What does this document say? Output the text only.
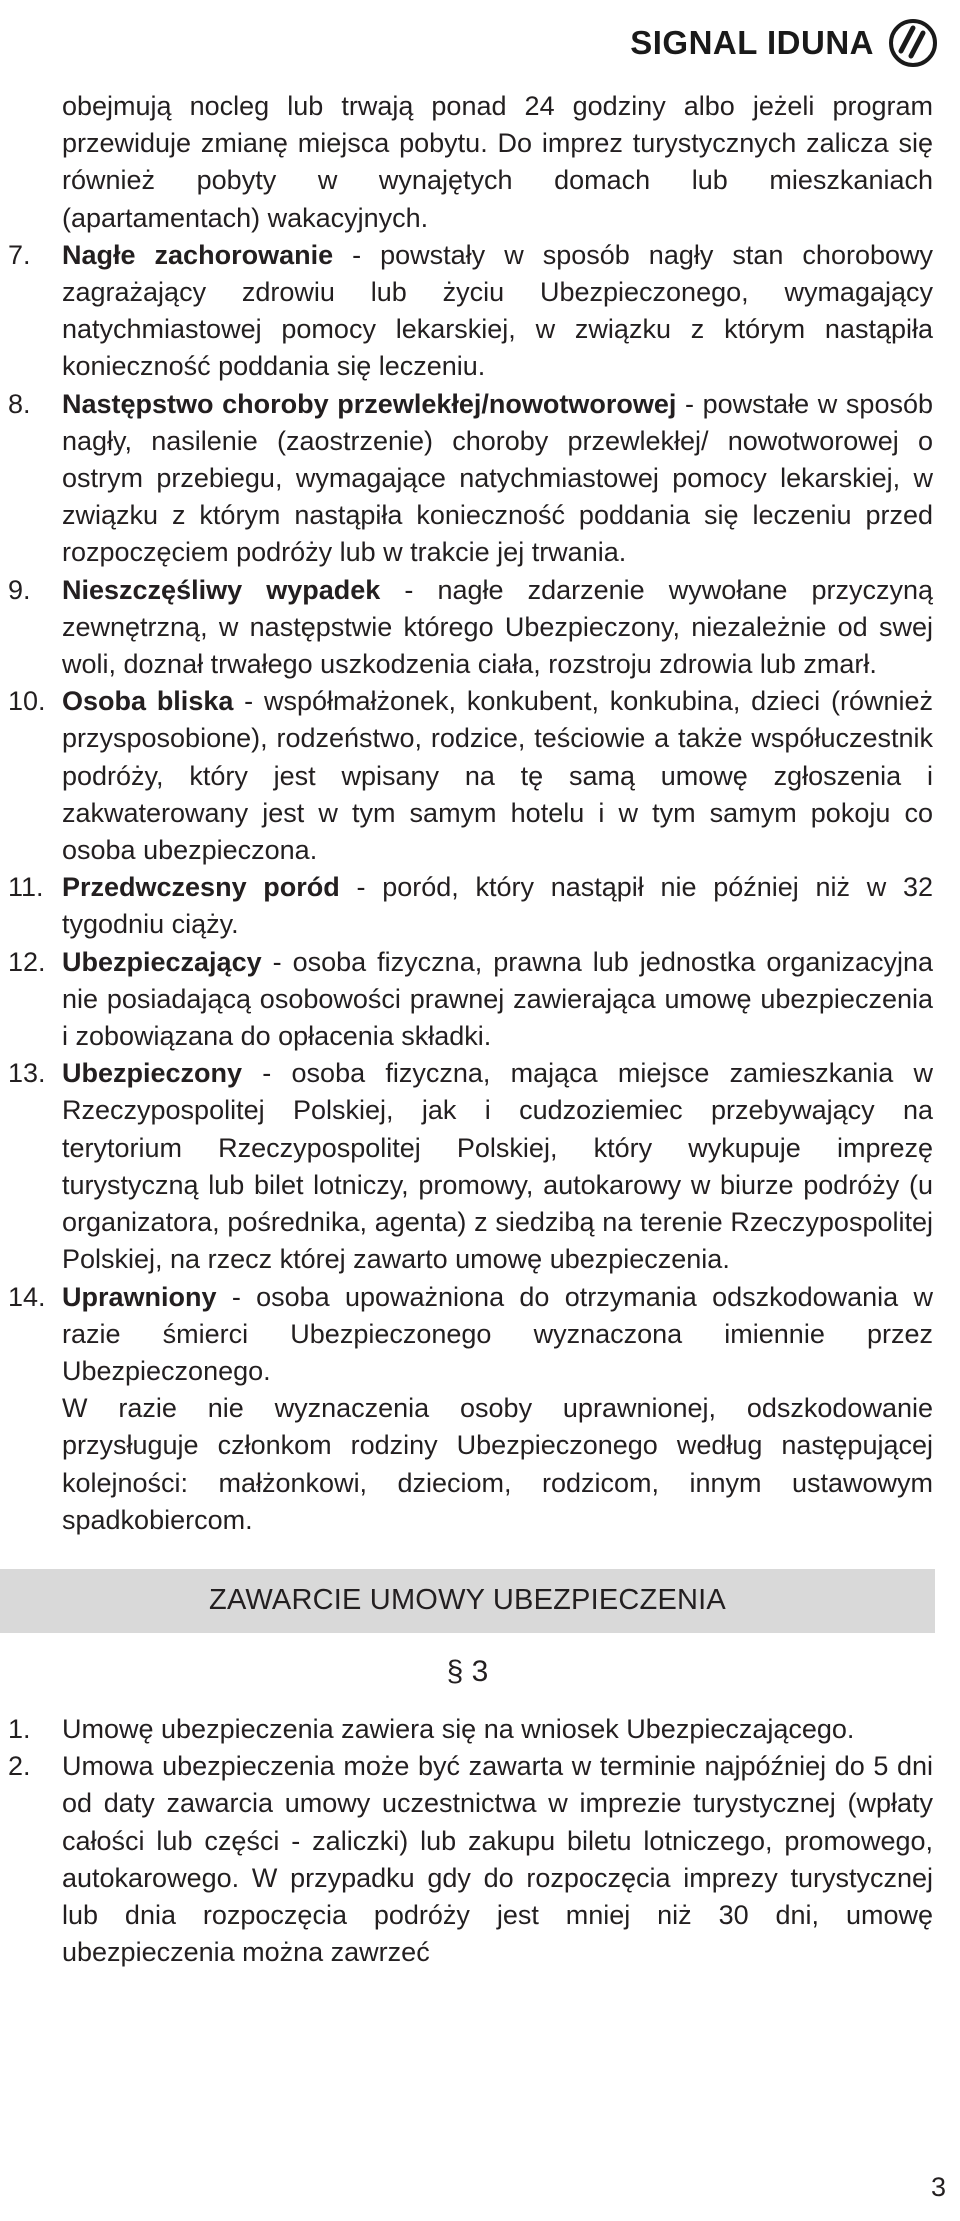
SIGNAL IDUNA
obejmują nocleg lub trwają ponad 24 godziny albo jeżeli program przewiduje zmianę miejsca pobytu. Do imprez turystycznych zalicza się również pobyty w wynajętych domach lub mieszkaniach (apartamentach) wakacyjnych.
7. Nagłe zachorowanie - powstały w sposób nagły stan chorobowy zagrażający zdrowiu lub życiu Ubezpieczonego, wymagający natychmiastowej pomocy lekarskiej, w związku z którym nastąpiła konieczność poddania się leczeniu.
8. Następstwo choroby przewlekłej/nowotworowej - powstałe w sposób nagły, nasilenie (zaostrzenie) choroby przewlekłej/ nowotworowej o ostrym przebiegu, wymagające natychmiastowej pomocy lekarskiej, w związku z którym nastąpiła konieczność poddania się leczeniu przed rozpoczęciem podróży lub w trakcie jej trwania.
9. Nieszczęśliwy wypadek - nagłe zdarzenie wywołane przyczyną zewnętrzną, w następstwie którego Ubezpieczony, niezależnie od swej woli, doznał trwałego uszkodzenia ciała, rozstroju zdrowia lub zmarł.
10. Osoba bliska - współmałżonek, konkubent, konkubina, dzieci (również przysposobione), rodzeństwo, rodzice, teściowie a także współuczestnik podróży, który jest wpisany na tę samą umowę zgłoszenia i zakwaterowany jest w tym samym hotelu i w tym samym pokoju co osoba ubezpieczona.
11. Przedwczesny poród - poród, który nastąpił nie później niż w 32 tygodniu ciąży.
12. Ubezpieczający - osoba fizyczna, prawna lub jednostka organizacyjna nie posiadającą osobowości prawnej zawierająca umowę ubezpieczenia i zobowiązana do opłacenia składki.
13. Ubezpieczony - osoba fizyczna, mająca miejsce zamieszkania w Rzeczypospolitej Polskiej, jak i cudzoziemiec przebywający na terytorium Rzeczypospolitej Polskiej, który wykupuje imprezę turystyczną lub bilet lotniczy, promowy, autokarowy w biurze podróży (u organizatora, pośrednika, agenta) z siedzibą na terenie Rzeczypospolitej Polskiej, na rzecz której zawarto umowę ubezpieczenia.
14. Uprawniony - osoba upoważniona do otrzymania odszkodowania w razie śmierci Ubezpieczonego wyznaczona imiennie przez Ubezpieczonego.
W razie nie wyznaczenia osoby uprawnionej, odszkodowanie przysługuje członkom rodziny Ubezpieczonego według następującej kolejności: małżonkowi, dzieciom, rodzicom, innym ustawowym spadkobiercom.
ZAWARCIE UMOWY UBEZPIECZENIA
§ 3
1. Umowę ubezpieczenia zawiera się na wniosek Ubezpieczającego.
2. Umowa ubezpieczenia może być zawarta w terminie najpóźniej do 5 dni od daty zawarcia umowy uczestnictwa w imprezie turystycznej (wpłaty całości lub części - zaliczki) lub zakupu biletu lotniczego, promowego, autokarowego. W przypadku gdy do rozpoczęcia imprezy turystycznej lub dnia rozpoczęcia podróży jest mniej niż 30 dni, umowę ubezpieczenia można zawrzeć
3
